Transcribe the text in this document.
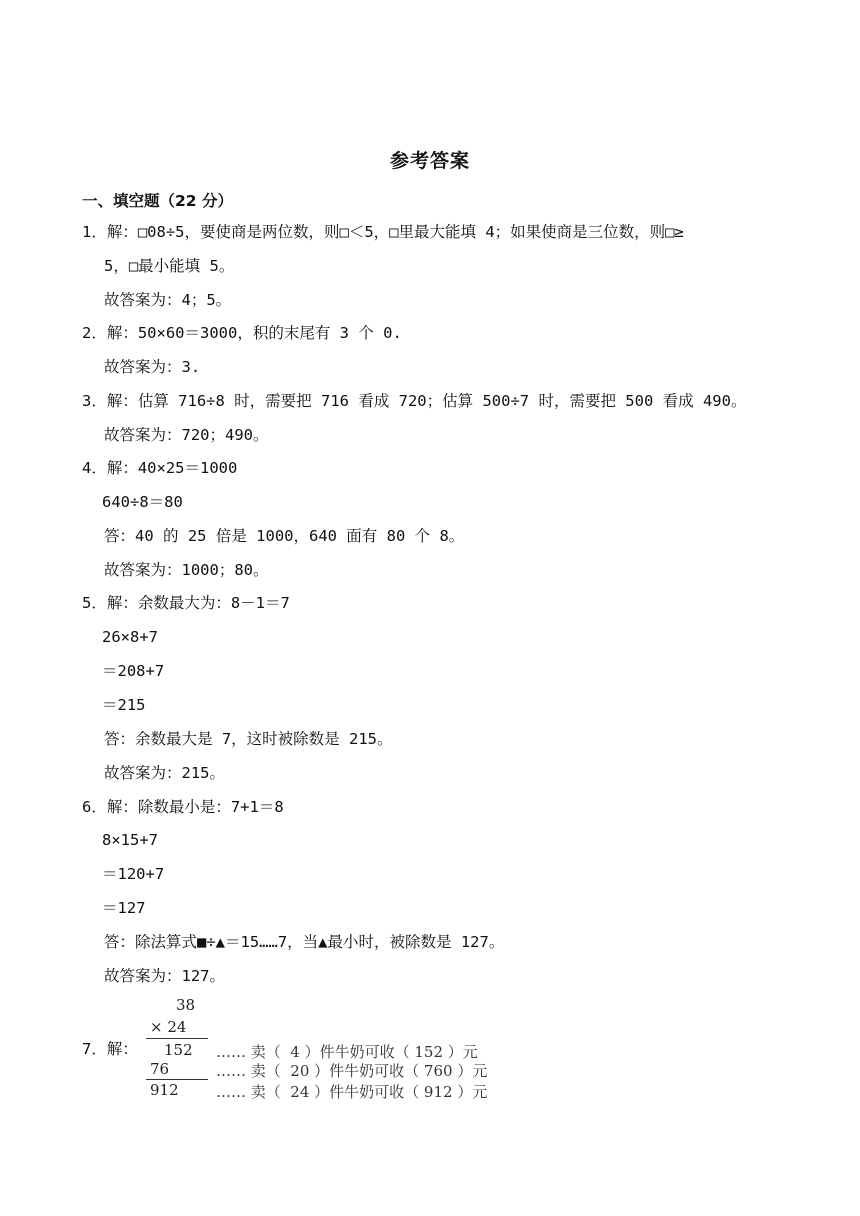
参考答案
一、填空题（22 分）
1．解：□08÷5，要使商是两位数，则□＜5，□里最大能填 4；如果使商是三位数，则□≥
5，□最小能填 5。
故答案为：4；5。
2．解：50×60＝3000，积的末尾有 3 个 0.
故答案为：3.
3．解：估算 716÷8 时，需要把 716 看成 720；估算 500÷7 时，需要把 500 看成 490。
故答案为：720；490。
4．解：40×25＝1000
640÷8＝80
答：40 的 25 倍是 1000，640 面有 80 个 8。
故答案为：1000；80。
5．解：余数最大为：8－1＝7
26×8+7
＝208+7
＝215
答：余数最大是 7，这时被除数是 215。
故答案为：215。
6．解：除数最小是：7+1＝8
8×15+7
＝120+7
＝127
答：除法算式■÷▲＝15……7，当▲最小时，被除数是 127。
故答案为：127。
7．解：
38
× 24
152
76
912
…… 卖（  4 ）件牛奶可收（ 152 ）元
…… 卖（  20 ）件牛奶可收（ 760 ）元
…… 卖（  24 ）件牛奶可收（ 912 ）元
